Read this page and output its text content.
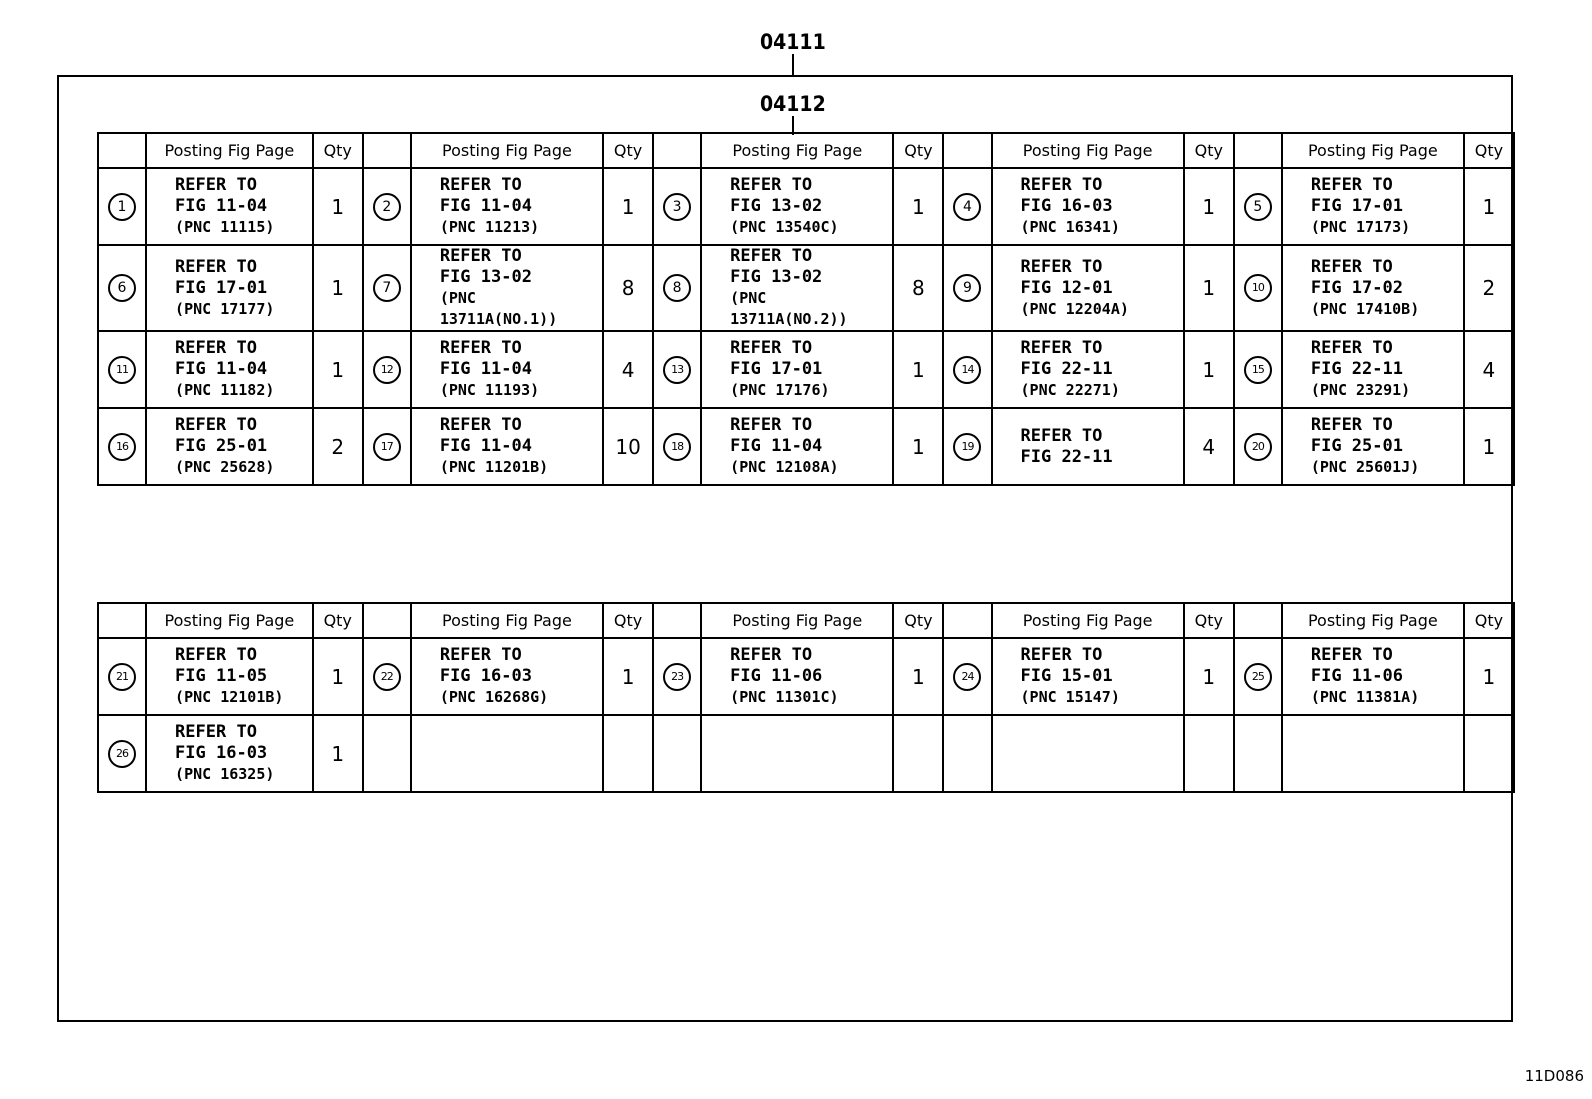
04111
04112
	Posting Fig Page	Qty		Posting Fig Page	Qty		Posting Fig Page	Qty		Posting Fig Page	Qty		Posting Fig Page	Qty
1	REFER TO
FIG 11-04
(PNC 11115)	1	2	REFER TO
FIG 11-04
(PNC 11213)	1	3	REFER TO
FIG 13-02
(PNC 13540C)	1	4	REFER TO
FIG 16-03
(PNC 16341)	1	5	REFER TO
FIG 17-01
(PNC 17173)	1
6	REFER TO
FIG 17-01
(PNC 17177)	1	7	REFER TO
FIG 13-02
(PNC 13711A(NO.1))	8	8	REFER TO
FIG 13-02
(PNC 13711A(NO.2))	8	9	REFER TO
FIG 12-01
(PNC 12204A)	1	10	REFER TO
FIG 17-02
(PNC 17410B)	2
11	REFER TO
FIG 11-04
(PNC 11182)	1	12	REFER TO
FIG 11-04
(PNC 11193)	4	13	REFER TO
FIG 17-01
(PNC 17176)	1	14	REFER TO
FIG 22-11
(PNC 22271)	1	15	REFER TO
FIG 22-11
(PNC 23291)	4
16	REFER TO
FIG 25-01
(PNC 25628)	2	17	REFER TO
FIG 11-04
(PNC 11201B)	10	18	REFER TO
FIG 11-04
(PNC 12108A)	1	19	REFER TO
FIG 22-11	4	20	REFER TO
FIG 25-01
(PNC 25601J)	1
	Posting Fig Page	Qty		Posting Fig Page	Qty		Posting Fig Page	Qty		Posting Fig Page	Qty		Posting Fig Page	Qty
21	REFER TO
FIG 11-05
(PNC 12101B)	1	22	REFER TO
FIG 16-03
(PNC 16268G)	1	23	REFER TO
FIG 11-06
(PNC 11301C)	1	24	REFER TO
FIG 15-01
(PNC 15147)	1	25	REFER TO
FIG 11-06
(PNC 11381A)	1
26	REFER TO
FIG 16-03
(PNC 16325)	1		

11D086
